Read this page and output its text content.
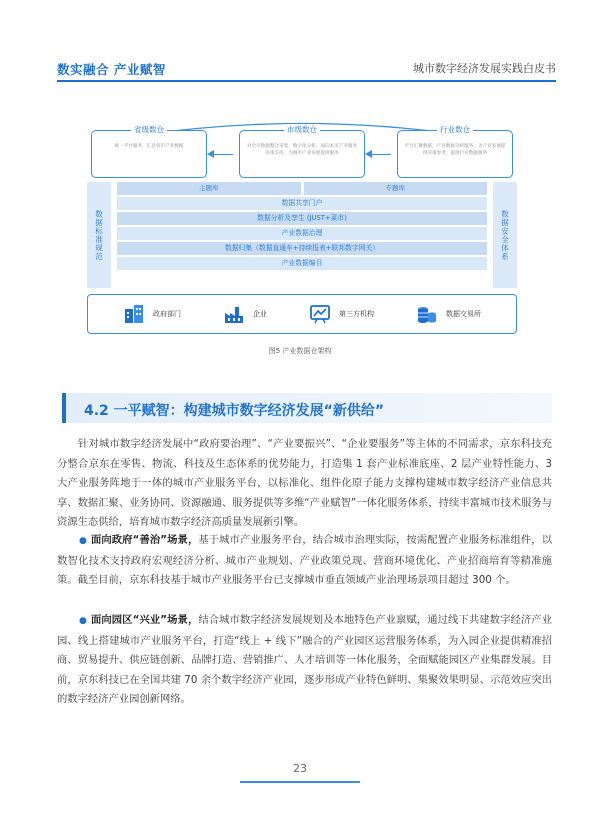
数实融合 产业赋智	城市数字经济发展实践白皮书
省级数仓
统一平台服务，汇总各市产业数据
市级数仓
对全市数据整合采集，数字化分析，面向本市产业服务决策支持，为城市产业发展提供服务
行业数仓
平台汇聚数据，产业数据分析服务，为产业发展提供决策参考，提供行业数据服务
数据标准规范
主题库	专题库
数据共享门户
数据分析及孪生 (JUST+菜市)
产业数据治理
数据归集（数据直通车+持续报表+联邦数字网关）
产业数据编目
数据安全体系
政府部门	企业	第三方机构	数据交易所
图5 产业数据仓架构
4.2 一平赋智：构建城市数字经济发展“新供给”
针对城市数字经济发展中“政府要治理”、“产业要振兴”、“企业要服务”等主体的不同需求，京东科技充分整合京东在零售、物流、科技及生态体系的优势能力，打造集 1 套产业标准底座、2 层产业特性能力、3 大产业服务阵地于一体的城市产业服务平台，以标准化、组件化原子能力支撑构建城市数字经济产业信息共享、数据汇聚、业务协同、资源融通、服务提供等多维“产业赋智”一体化服务体系，持续丰富城市技术服务与资源生态供给，培育城市数字经济高质量发展新引擎。
● 面向政府“善治”场景，基于城市产业服务平台，结合城市治理实际，按需配置产业服务标准组件，以数智化技术支持政府宏观经济分析、城市产业规划、产业政策兑现、营商环境优化、产业招商培育等精准施策。截至目前，京东科技基于城市产业服务平台已支撑城市垂直领域产业治理场景项目超过 300 个。
● 面向园区“兴业”场景，结合城市数字经济发展规划及本地特色产业禀赋，通过线下共建数字经济产业园、线上搭建城市产业服务平台，打造“线上 + 线下”融合的产业园区运营服务体系，为入园企业提供精准招商、贸易提升、供应链创新、品牌打造、营销推广、人才培训等一体化服务，全面赋能园区产业集群发展。目前，京东科技已在全国共建 70 余个数字经济产业园，逐步形成产业特色鲜明、集聚效果明显、示范效应突出的数字经济产业园创新网络。
23
